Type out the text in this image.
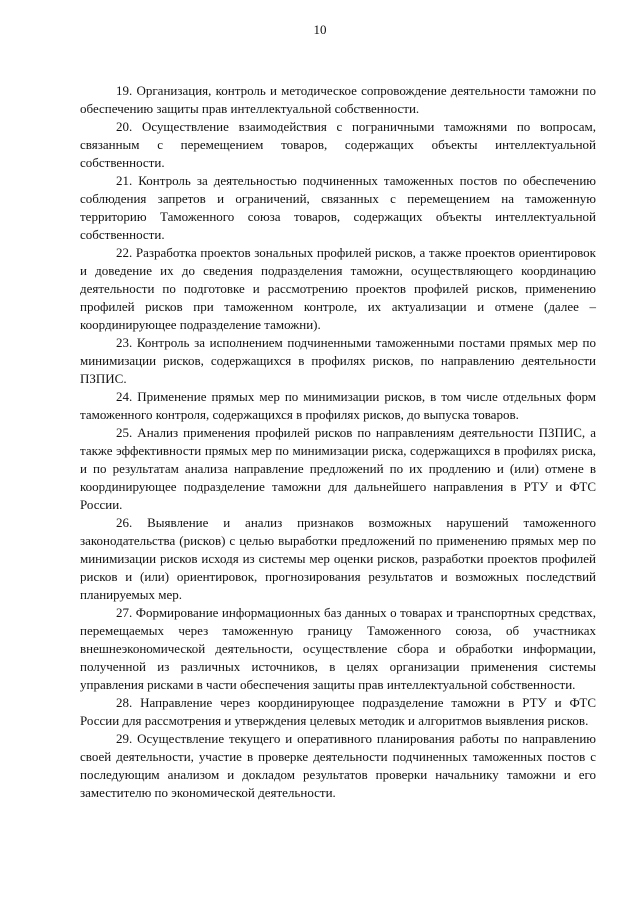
10

19. Организация, контроль и методическое сопровождение деятельности таможни по обеспечению защиты прав интеллектуальной собственности.

20. Осуществление взаимодействия с пограничными таможнями по вопросам, связанным с перемещением товаров, содержащих объекты интеллектуальной собственности.

21. Контроль за деятельностью подчиненных таможенных постов по обеспечению соблюдения запретов и ограничений, связанных с перемещением на таможенную территорию Таможенного союза товаров, содержащих объекты интеллектуальной собственности.

22. Разработка проектов зональных профилей рисков, а также проектов ориентировок и доведение их до сведения подразделения таможни, осуществляющего координацию деятельности по подготовке и рассмотрению проектов профилей рисков, применению профилей рисков при таможенном контроле, их актуализации и отмене (далее – координирующее подразделение таможни).

23. Контроль за исполнением подчиненными таможенными постами прямых мер по минимизации рисков, содержащихся в профилях рисков, по направлению деятельности ПЗПИС.

24. Применение прямых мер по минимизации рисков, в том числе отдельных форм таможенного контроля, содержащихся в профилях рисков, до выпуска товаров.

25. Анализ применения профилей рисков по направлениям деятельности ПЗПИС, а также эффективности прямых мер по минимизации риска, содержащихся в профилях риска, и по результатам анализа направление предложений по их продлению и (или) отмене в координирующее подразделение таможни для дальнейшего направления в РТУ и ФТС России.

26. Выявление и анализ признаков возможных нарушений таможенного законодательства (рисков) с целью выработки предложений по применению прямых мер по минимизации рисков исходя из системы мер оценки рисков, разработки проектов профилей рисков и (или) ориентировок, прогнозирования результатов и возможных последствий планируемых мер.

27. Формирование информационных баз данных о товарах и транспортных средствах, перемещаемых через таможенную границу Таможенного союза, об участниках внешнеэкономической деятельности, осуществление сбора и обработки информации, полученной из различных источников, в целях организации применения системы управления рисками в части обеспечения защиты прав интеллектуальной собственности.

28. Направление через координирующее подразделение таможни в РТУ и ФТС России для рассмотрения и утверждения целевых методик и алгоритмов выявления рисков.

29. Осуществление текущего и оперативного планирования работы по направлению своей деятельности, участие в проверке деятельности подчиненных таможенных постов с последующим анализом и докладом результатов проверки начальнику таможни и его заместителю по экономической деятельности.
